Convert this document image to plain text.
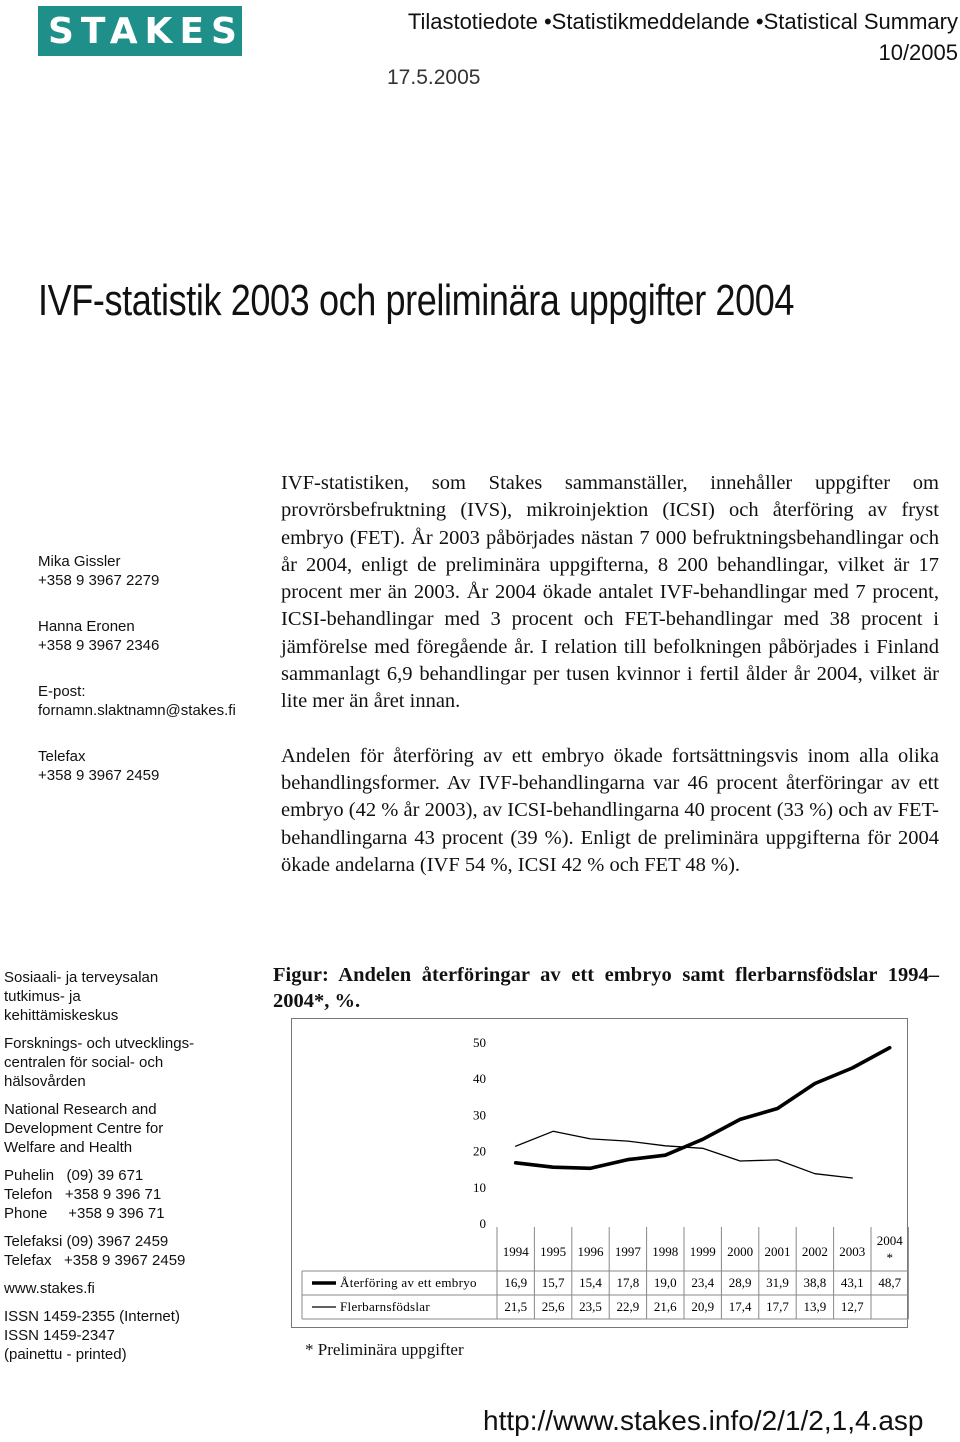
STAKES	Tilastotiedote •Statistikmeddelande •Statistical Summary
10/2005
17.5.2005
IVF-statistik 2003 och preliminära uppgifter 2004

Mika Gissler
+358 9 3967 2279

Hanna Eronen
+358 9 3967 2346

E-post:
fornamn.slaktnamn@stakes.fi

Telefax
+358 9 3967 2459

Sosiaali- ja terveysalan
tutkimus- ja
kehittämiskeskus

Forsknings- och utvecklings-
centralen för social- och
hälsovården

National Research and
Development Centre for
Welfare and Health

Puhelin   (09) 39 671
Telefon   +358 9 396 71
Phone     +358 9 396 71

Telefaksi (09) 3967 2459
Telefax   +358 9 3967 2459

www.stakes.fi

ISSN 1459-2355 (Internet)
ISSN 1459-2347
(painettu - printed)

IVF-statistiken, som Stakes sammanställer, innehåller uppgifter om provrörsbefruktning (IVS), mikroinjektion (ICSI) och återföring av fryst embryo (FET). År 2003 påbörjades nästan 7 000 befruktningsbehandlingar och år 2004, enligt de preliminära uppgifterna, 8 200 behandlingar, vilket är 17 procent mer än 2003. År 2004 ökade antalet IVF-behandlingar med 7 procent, ICSI-behandlingar med 3 procent och FET-behandlingar med 38 procent i jämförelse med föregående år. I relation till befolkningen påbörjades i Finland sammanlagt 6,9 behandlingar per tusen kvinnor i fertil ålder år 2004, vilket är lite mer än året innan.

Andelen för återföring av ett embryo ökade fortsättningsvis inom alla olika behandlingsformer. Av IVF-behandlingarna var 46 procent återföringar av ett embryo (42 % år 2003), av ICSI-behandlingarna 40 procent (33 %) och av FET-behandlingarna 43 procent (39 %). Enligt de preliminära uppgifterna för 2004 ökade andelarna (IVF 54 %, ICSI 42 % och FET 48 %).

Figur: Andelen återföringar av ett embryo samt flerbarnsfödslar 1994–2004*, %.
0
10
20
30
40
50
1994 1995 1996 1997 1998 1999 2000 2001 2002 2003
2004 *
Återföring av ett embryo 16,9 15,7 15,4 17,8 19,0 23,4 28,9 31,9 38,8 43,1 48,7
Flerbarnsfödslar	21,5 25,6 23,5 22,9 21,6 20,9 17,4 17,7 13,9 12,7
* Preliminära uppgifter
http://www.stakes.info/2/1/2,1,4.asp
